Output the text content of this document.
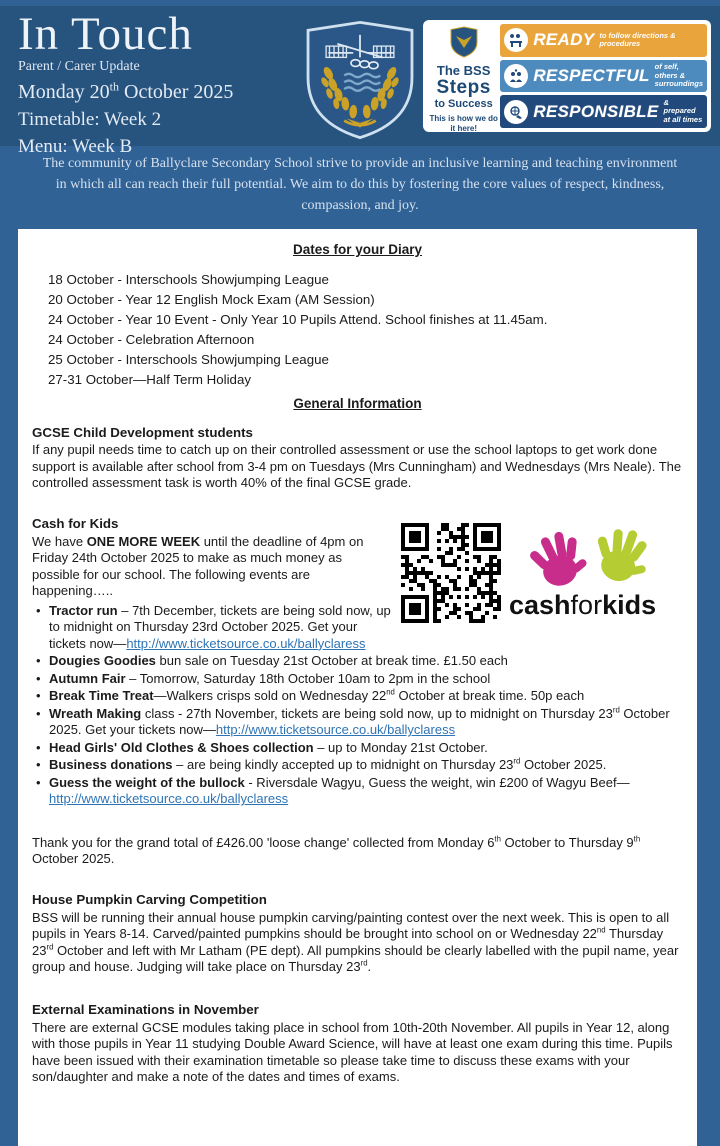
In Touch
Parent / Carer Update
Monday 20th October 2025
Timetable: Week 2
Menu: Week B
The BSS
Steps
to Success
This is how we do it here!
READY to follow directions & procedures
RESPECTFUL of self, others & surroundings
RESPONSIBLE & prepared at all times
The community of Ballyclare Secondary School strive to provide an inclusive learning and teaching environment in which all can reach their full potential. We aim to do this by fostering the core values of respect, kindness, compassion, and joy.
Dates for your Diary
18 October - Interschools Showjumping League
20 October - Year 12 English Mock Exam (AM Session)
24 October - Year 10 Event - Only Year 10 Pupils Attend. School finishes at 11.45am.
24 October - Celebration Afternoon
25 October - Interschools Showjumping League
27-31 October—Half Term Holiday
General Information
GCSE Child Development students

If any pupil needs time to catch up on their controlled assessment or use the school laptops to get work done support is available after school from 3-4 pm on Tuesdays (Mrs Cunningham) and Wednesdays (Mrs Neale). The controlled assessment task is worth 40% of the final GCSE grade.

cashforkids
Cash for Kids

We have ONE MORE WEEK until the deadline of 4pm on Friday 24th October 2025 to make as much money as possible for our school. The following events are happening…..

• Tractor run – 7th December, tickets are being sold now, up to midnight on Thursday 23rd October 2025. Get your tickets now—http://www.ticketsource.co.uk/ballyclaress
• Dougies Goodies bun sale on Tuesday 21st October at break time. £1.50 each
• Autumn Fair – Tomorrow, Saturday 18th October 10am to 2pm in the school
• Break Time Treat—Walkers crisps sold on Wednesday 22nd October at break time. 50p each
• Wreath Making class - 27th November, tickets are being sold now, up to midnight on Thursday 23rd October 2025. Get your tickets now—http://www.ticketsource.co.uk/ballyclaress
• Head Girls' Old Clothes & Shoes collection – up to Monday 21st October.
• Business donations – are being kindly accepted up to midnight on Thursday 23rd October 2025.
• Guess the weight of the bullock - Riversdale Wagyu, Guess the weight, win £200 of Wagyu Beef—http://www.ticketsource.co.uk/ballyclaress

Thank you for the grand total of £426.00 'loose change' collected from Monday 6th October to Thursday 9th October 2025.

House Pumpkin Carving Competition

BSS will be running their annual house pumpkin carving/painting contest over the next week. This is open to all pupils in Years 8-14. Carved/painted pumpkins should be brought into school on or Wednesday 22nd Thursday 23rd October and left with Mr Latham (PE dept). All pumpkins should be clearly labelled with the pupil name, year group and house. Judging will take place on Thursday 23rd.

External Examinations in November

There are external GCSE modules taking place in school from 10th-20th November. All pupils in Year 12, along with those pupils in Year 11 studying Double Award Science, will have at least one exam during this time. Pupils have been issued with their examination timetable so please take time to discuss these exams with your son/daughter and make a note of the dates and times of exams.
